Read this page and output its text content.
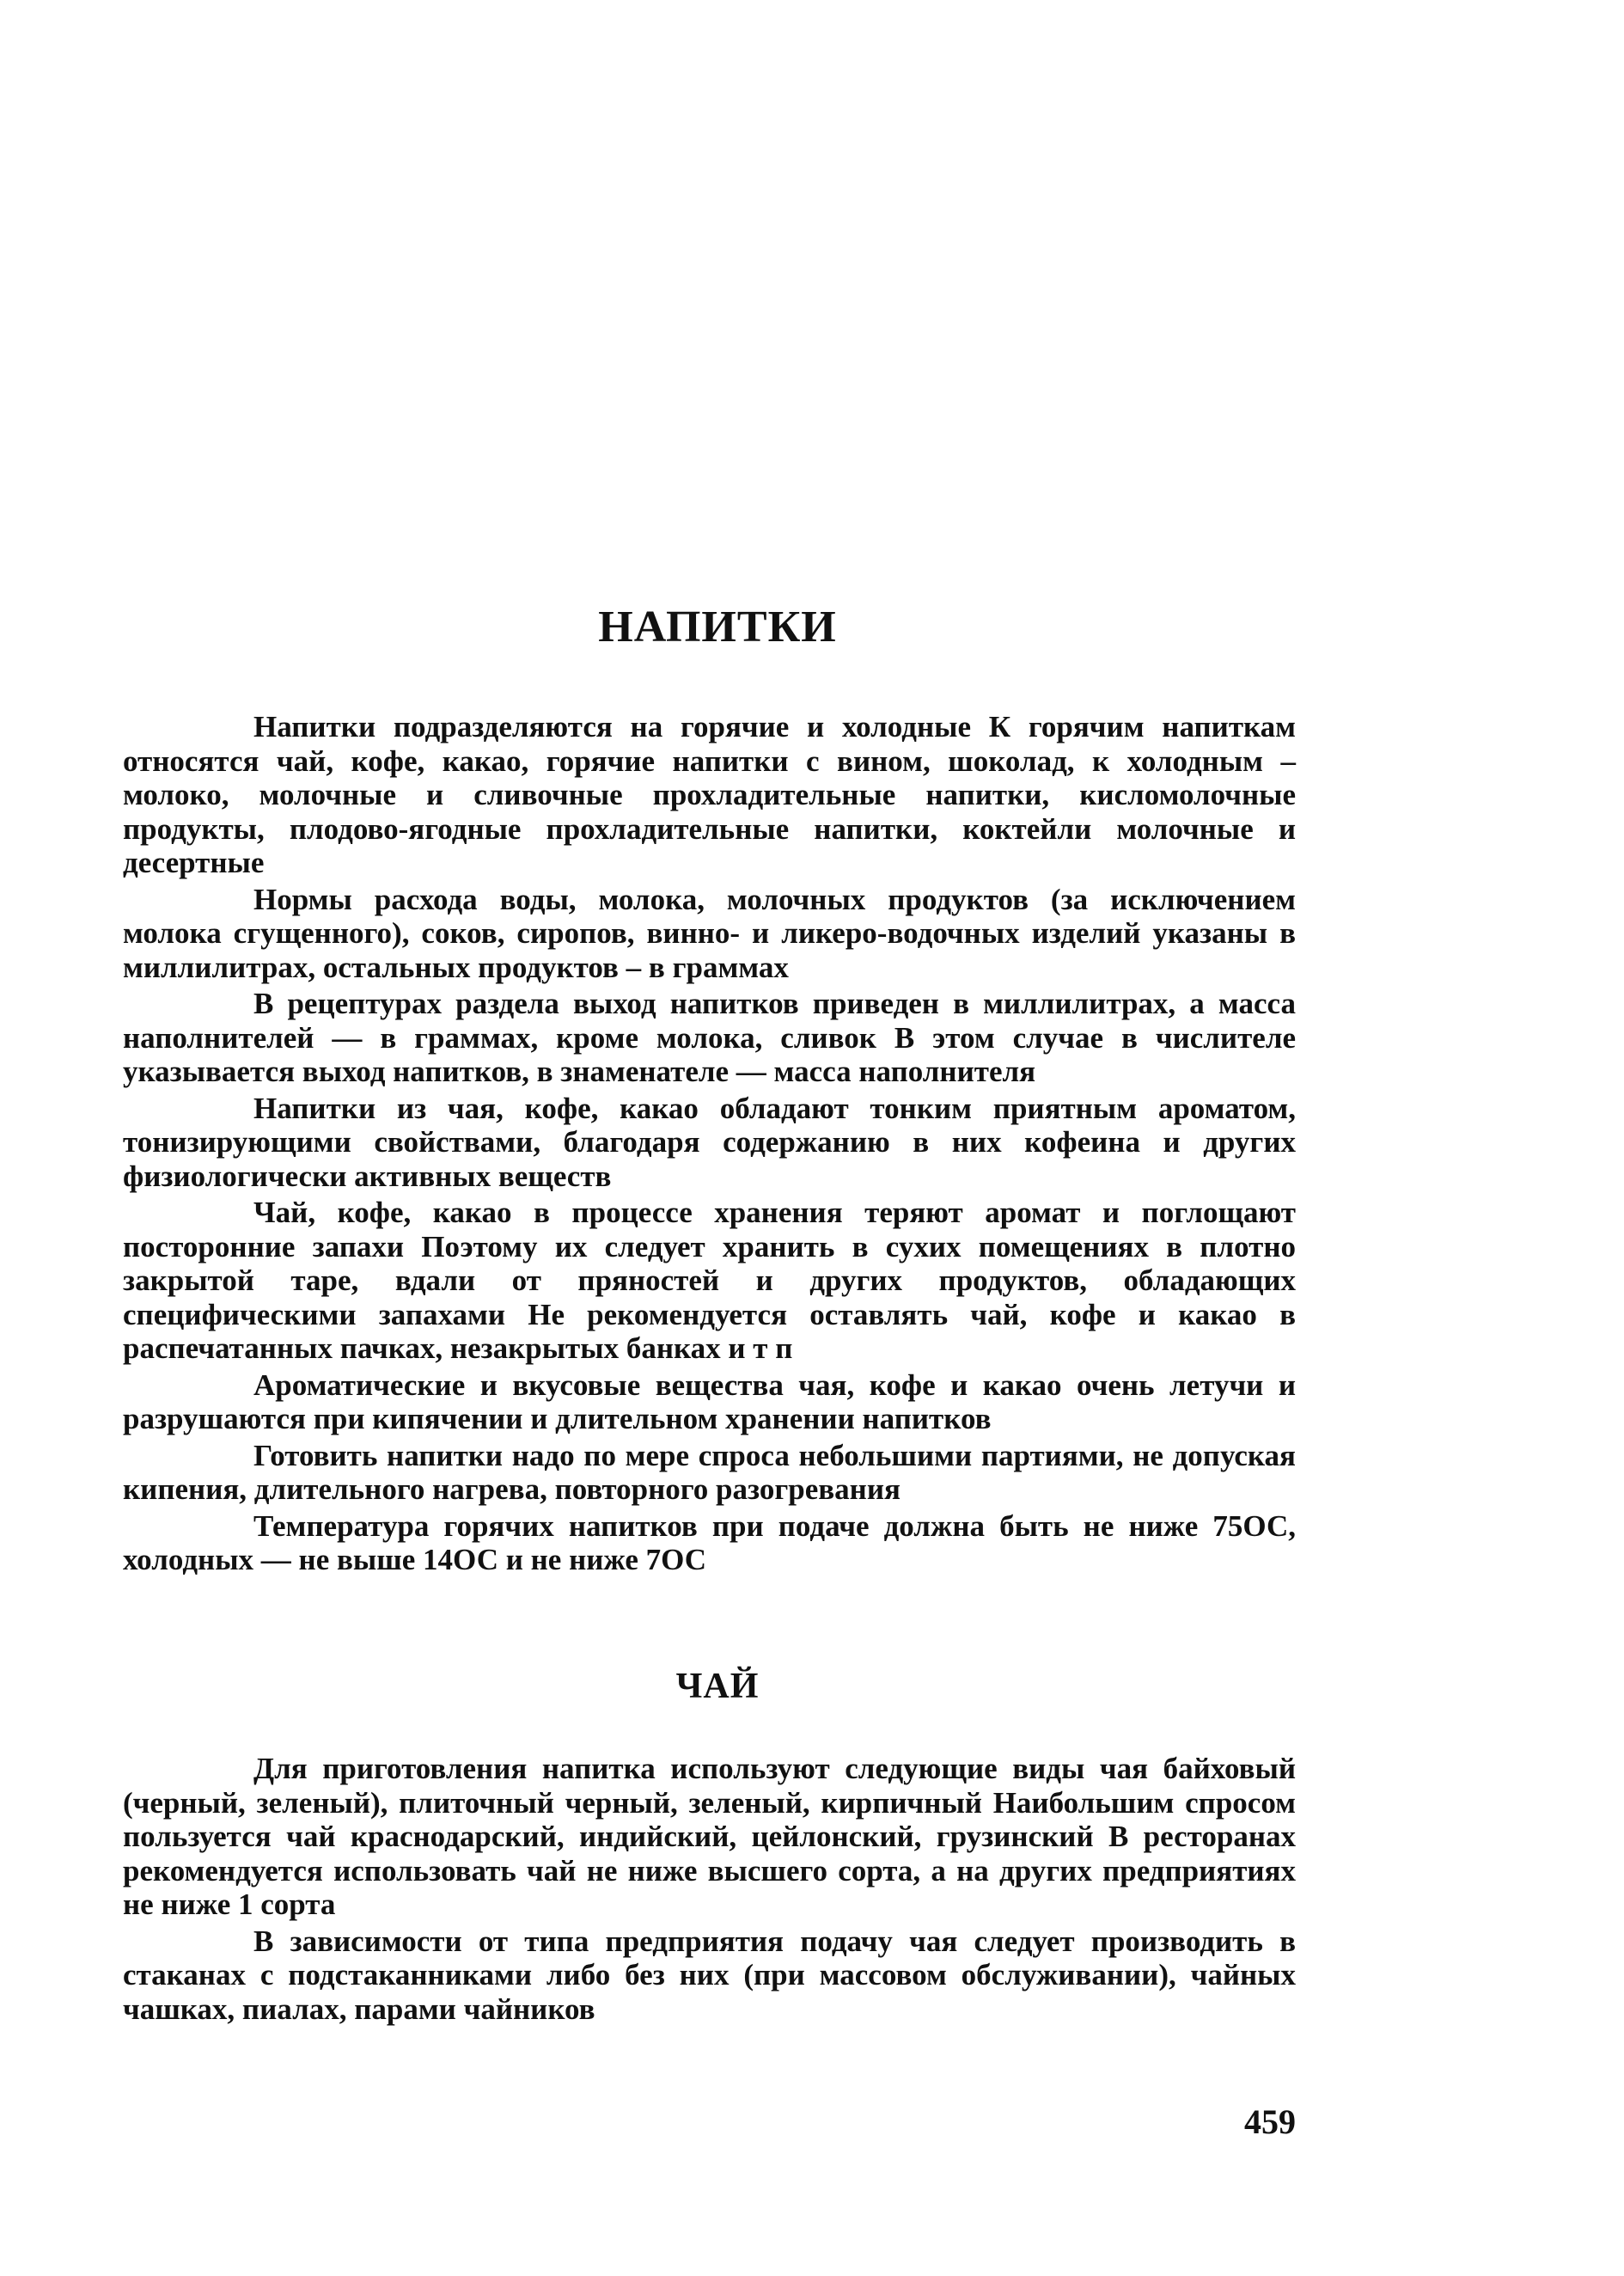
НАПИТКИ

Напитки подразделяются на горячие и холодные К горячим напиткам относятся чай, кофе, какао, горячие напитки с вином, шоколад, к холодным – молоко, молочные и сливочные прохладительные напитки, кисломолочные продукты, плодово-ягодные прохладительные напитки, коктейли молочные и десертные

Нормы расхода воды, молока, молочных продуктов (за исключением молока сгущенного), соков, сиропов, винно- и ликеро-водочных изделий указаны в миллилитрах, остальных продуктов – в граммах

В рецептурах раздела выход напитков приведен в миллилитрах, а масса наполнителей — в граммах, кроме молока, сливок В этом случае в числителе указывается выход напитков, в знаменателе — масса наполнителя

Напитки из чая, кофе, какао обладают тонким приятным ароматом, тонизирующими свойствами, благодаря содержанию в них кофеина и других физиологически активных веществ

Чай, кофе, какао в процессе хранения теряют аромат и поглощают посторонние запахи Поэтому их следует хранить в сухих помещениях в плотно закрытой таре, вдали от пряностей и других продуктов, обладающих специфическими запахами Не рекомендуется оставлять чай, кофе и какао в распечатанных пачках, незакрытых банках и т п

Ароматические и вкусовые вещества чая, кофе и какао очень летучи и разрушаются при кипячении и длительном хранении напитков

Готовить напитки надо по мере спроса небольшими партиями, не допуская кипения, длительного нагрева, повторного разогревания

Температура горячих напитков при подаче должна быть не ниже 75ОС, холодных — не выше 14ОС и не ниже 7ОС

ЧАЙ

Для приготовления напитка используют следующие виды чая байховый (черный, зеленый), плиточный черный, зеленый, кирпичный Наибольшим спросом пользуется чай краснодарский, индийский, цейлонский, грузинский В ресторанах рекомендуется использовать чай не ниже высшего сорта, а на других предприятиях не ниже 1 сорта

В зависимости от типа предприятия подачу чая следует производить в стаканах с подстаканниками либо без них (при массовом обслуживании), чайных чашках, пиалах, парами чайников

459
